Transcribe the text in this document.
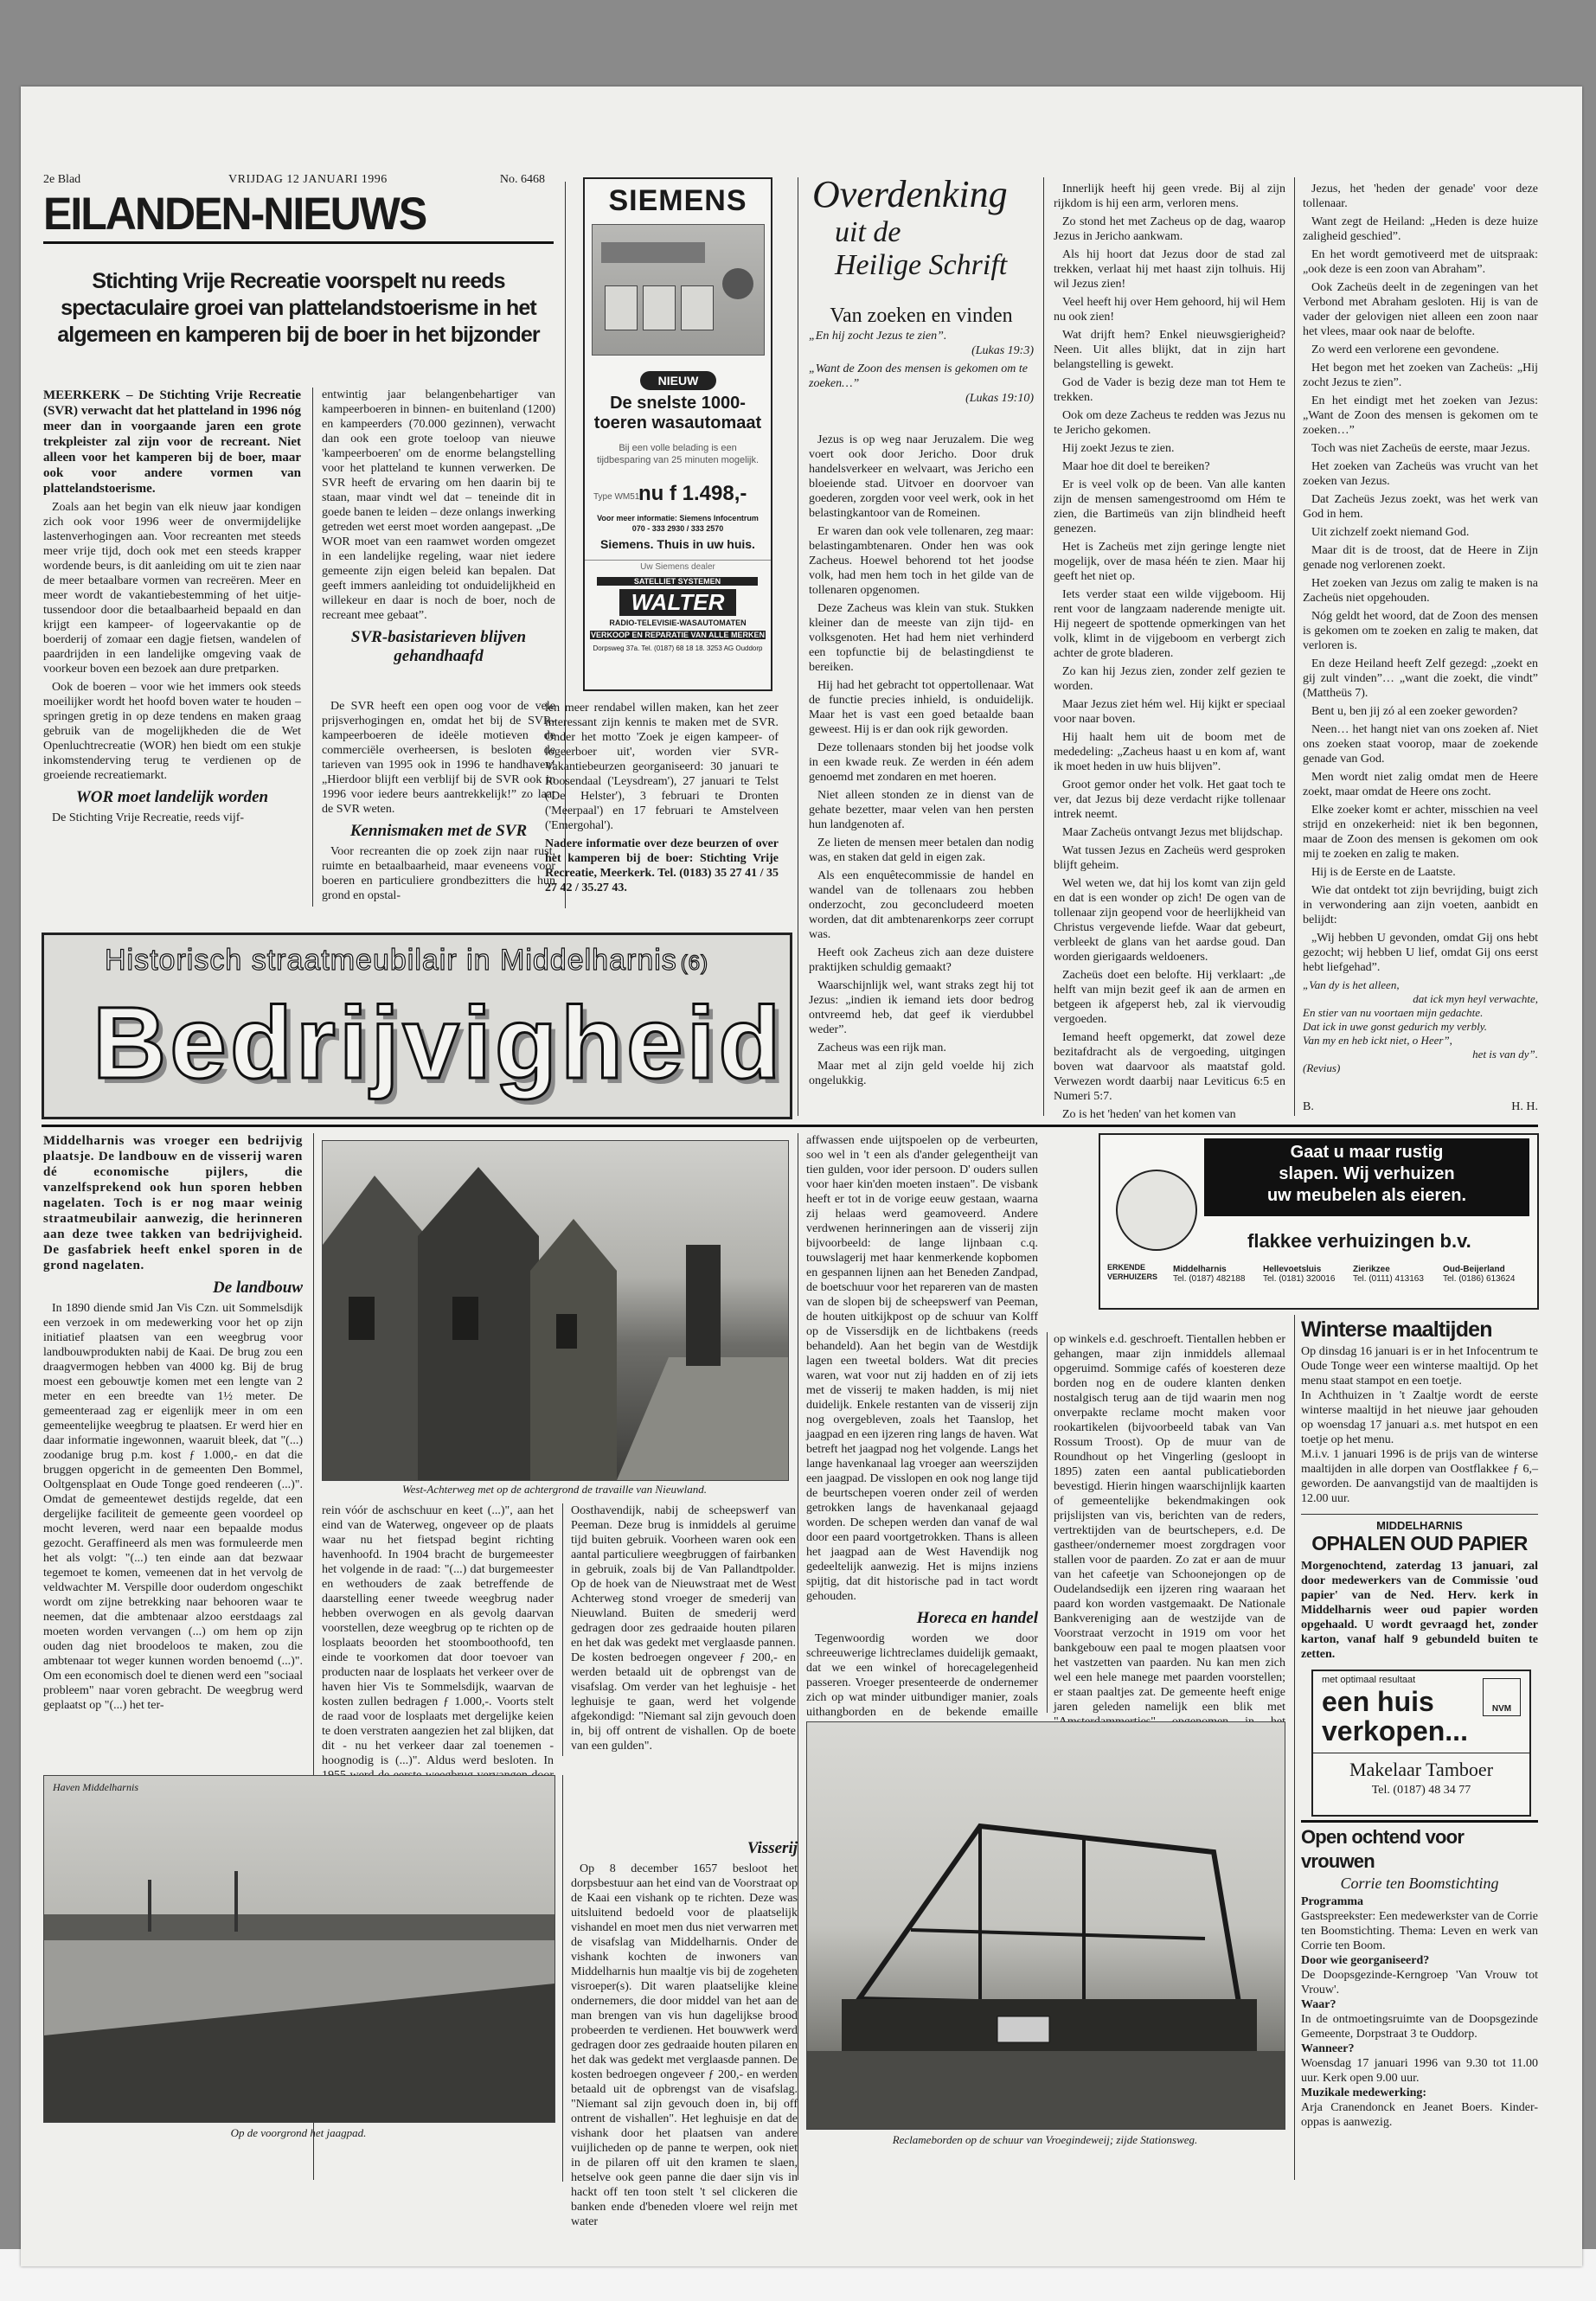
2e Blad	VRIJDAG 12 JANUARI 1996	No. 6468
EILANDEN-NIEUWS
Stichting Vrije Recreatie voorspelt nu reeds spectaculaire groei van plattelandstoerisme in het algemeen en kamperen bij de boer in het bijzonder

MEERKERK – De Stichting Vrije Recreatie (SVR) verwacht dat het platteland in 1996 nóg meer dan in voorgaande jaren een grote trekpleister zal zijn voor de recreant. Niet alleen voor het kamperen bij de boer, maar ook voor andere vormen van plattelandstoerisme.

Zoals aan het begin van elk nieuw jaar kondigen zich ook voor 1996 weer de onvermijdelijke lastenverhogingen aan. Voor recreanten met steeds meer vrije tijd, doch ook met een steeds krapper wordende beurs, is dit aanleiding om uit te zien naar de meer betaalbare vormen van recreëren. Meer en meer wordt de vakantiebestemming of het uitje-tussendoor door die betaalbaarheid bepaald en dan krijgt een kampeer- of logeervakantie op de boerderij of zomaar een dagje fietsen, wandelen of paardrijden in een landelijke omgeving vaak de voorkeur boven een bezoek aan dure pretparken.

Ook de boeren – voor wie het immers ook steeds moeilijker wordt het hoofd boven water te houden – springen gretig in op deze tendens en maken graag gebruik van de mogelijkheden die de Wet Openluchtrecreatie (WOR) hen biedt om een stukje inkomstenderving terug te verdienen op de groeiende recreatiemarkt.

WOR moet landelijk worden

De Stichting Vrije Recreatie, reeds vijf-

entwintig jaar belangenbehartiger van kampeerboeren in binnen- en buitenland (1200) en kampeerders (70.000 gezinnen), verwacht dan ook een grote toeloop van nieuwe 'kampeerboeren' om de enorme belangstelling voor het platteland te kunnen verwerken. De SVR heeft de ervaring om hen daarin bij te staan, maar vindt wel dat – teneinde dit in goede banen te leiden – deze onlangs inwerking getreden wet eerst moet worden aangepast. „De WOR moet van een raamwet worden omgezet in een landelijke regeling, waar niet iedere gemeente zijn eigen beleid kan bepalen. Dat geeft immers aanleiding tot onduidelijkheid en willekeur en daar is noch de boer, noch de recreant mee gebaat”.

SVR-basistarieven blijven gehandhaafd

De SVR heeft een open oog voor de vele prijsverhogingen en, omdat het bij de SVR-kampeerboeren de ideële motieven de commerciële overheersen, is besloten de tarieven van 1995 ook in 1996 te handhaven! „Hierdoor blijft een verblijf bij de SVR ook in 1996 voor iedere beurs aantrekkelijk!” zo laat de SVR weten.

Kennismaken met de SVR

Voor recreanten die op zoek zijn naar rust, ruimte en betaalbaarheid, maar eveneens voor boeren en particuliere grondbezitters die hun grond en opstal-

len meer rendabel willen maken, kan het zeer interessant zijn kennis te maken met de SVR. Onder het motto 'Zoek je eigen kampeer- of logeerboer uit', worden vier SVR-Vakantiebeurzen georganiseerd: 30 januari te Roosendaal ('Leysdream'), 27 januari te Telst ('De Helster'), 3 februari te Dronten ('Meerpaal') en 17 februari te Amstelveen ('Emergohal').

Nadere informatie over deze beurzen of over het kamperen bij de boer: Stichting Vrije Recreatie, Meerkerk. Tel. (0183) 35 27 41 / 35 27 42 / 35.27 43.

SIEMENS
NIEUW
De snelste 1000-toeren wasautomaat
Bij een volle belading is een tijdbesparing van 25 minuten mogelijk.
Type WM51
nu f 1.498,-
Voor meer informatie: Siemens Infocentrum 070 - 333 2930 / 333 2570
Siemens. Thuis in uw huis.
Uw Siemens dealer
SATELLIET SYSTEMEN
WALTER
RADIO-TELEVISIE-WASAUTOMATEN
VERKOOP EN REPARATIE VAN ALLE MERKEN
Dorpsweg 37a. Tel. (0187) 68 18 18. 3253 AG Ouddorp
Overdenking
uit de
Heilige Schrift
Van zoeken en vinden
„En hij zocht Jezus te zien”.
(Lukas 19:3)
„Want de Zoon des mensen is gekomen om te zoeken…”
(Lukas 19:10)

Jezus is op weg naar Jeruzalem. Die weg voert ook door Jericho. Door druk handelsverkeer en welvaart, was Jericho een bloeiende stad. Uitvoer en doorvoer van goederen, zorgden voor veel werk, ook in het belastingkantoor van de Romeinen.

Er waren dan ook vele tollenaren, zeg maar: belastingambtenaren. Onder hen was ook Zacheus. Hoewel behorend tot het joodse volk, had men hem toch in het gilde van de tollenaren opgenomen.

Deze Zacheus was klein van stuk. Stukken kleiner dan de meeste van zijn tijd- en volksgenoten. Het had hem niet verhinderd een topfunctie bij de belastingdienst te bereiken.

Hij had het gebracht tot oppertollenaar. Wat de functie precies inhield, is onduidelijk. Maar het is vast een goed betaalde baan geweest. Hij is er dan ook rijk geworden.

Deze tollenaars stonden bij het joodse volk in een kwade reuk. Ze werden in één adem genoemd met zondaren en met hoeren.

Niet alleen stonden ze in dienst van de gehate bezetter, maar velen van hen persten hun landgenoten af.

Ze lieten de mensen meer betalen dan nodig was, en staken dat geld in eigen zak.

Als een enquêtecommissie de handel en wandel van de tollenaars zou hebben onderzocht, zou geconcludeerd moeten worden, dat dit ambtenarenkorps zeer corrupt was.

Heeft ook Zacheus zich aan deze duistere praktijken schuldig gemaakt?

Waarschijnlijk wel, want straks zegt hij tot Jezus: „indien ik iemand iets door bedrog ontvreemd heb, dat geef ik vierdubbel weder”.

Zacheus was een rijk man.

Maar met al zijn geld voelde hij zich ongelukkig.

Innerlijk heeft hij geen vrede. Bij al zijn rijkdom is hij een arm, verloren mens.

Zo stond het met Zacheus op de dag, waarop Jezus in Jericho aankwam.

Als hij hoort dat Jezus door de stad zal trekken, verlaat hij met haast zijn tolhuis. Hij wil Jezus zien!

Veel heeft hij over Hem gehoord, hij wil Hem nu ook zien!

Wat drijft hem? Enkel nieuwsgierigheid? Neen. Uit alles blijkt, dat in zijn hart belangstelling is gewekt.

God de Vader is bezig deze man tot Hem te trekken.

Ook om deze Zacheus te redden was Jezus nu te Jericho gekomen.

Hij zoekt Jezus te zien.

Maar hoe dit doel te bereiken?

Er is veel volk op de been. Van alle kanten zijn de mensen samengestroomd om Hém te zien, die Bartimeüs van zijn blindheid heeft genezen.

Het is Zacheüs met zijn geringe lengte niet mogelijk, over de masa héén te zien. Maar hij geeft het niet op.

Iets verder staat een wilde vijgeboom. Hij rent voor de langzaam naderende menigte uit. Hij negeert de spottende opmerkingen van het volk, klimt in de vijgeboom en verbergt zich achter de grote bladeren.

Zo kan hij Jezus zien, zonder zelf gezien te worden.

Maar Jezus ziet hém wel. Hij kijkt er speciaal voor naar boven.

Hij haalt hem uit de boom met de mededeling: „Zacheus haast u en kom af, want ik moet heden in uw huis blijven”.

Groot gemor onder het volk. Het gaat toch te ver, dat Jezus bij deze verdacht rijke tollenaar intrek neemt.

Maar Zacheüs ontvangt Jezus met blijdschap.

Wat tussen Jezus en Zacheüs werd gesproken blijft geheim.

Wel weten we, dat hij los komt van zijn geld en dat is een wonder op zich! De ogen van de tollenaar zijn geopend voor de heerlijkheid van Christus vergevende liefde. Waar dat gebeurt, verbleekt de glans van het aardse goud. Dan worden gierigaards weldoeners.

Zacheüs doet een belofte. Hij verklaart: „de helft van mijn bezit geef ik aan de armen en betgeen ik afgeperst heb, zal ik viervoudig vergoeden.

Iemand heeft opgemerkt, dat zowel deze bezitafdracht als de vergoeding, uitgingen boven wat daarvoor als maatstaf gold. Verwezen wordt daarbij naar Leviticus 6:5 en Numeri 5:7.

Zo is het 'heden' van het komen van

Jezus, het 'heden der genade' voor deze tollenaar.

Want zegt de Heiland: „Heden is deze huize zaligheid geschied”.

En het wordt gemotiveerd met de uitspraak: „ook deze is een zoon van Abraham”.

Ook Zacheüs deelt in de zegeningen van het Verbond met Abraham gesloten. Hij is van de vader der gelovigen niet alleen een zoon naar het vlees, maar ook naar de belofte.

Zo werd een verlorene een gevondene.

Het begon met het zoeken van Zacheüs: „Hij zocht Jezus te zien”.

En het eindigt met het zoeken van Jezus: „Want de Zoon des mensen is gekomen om te zoeken…”

Toch was niet Zacheüs de eerste, maar Jezus.

Het zoeken van Zacheüs was vrucht van het zoeken van Jezus.

Dat Zacheüs Jezus zoekt, was het werk van God in hem.

Uit zichzelf zoekt niemand God.

Maar dit is de troost, dat de Heere in Zijn genade nog verlorenen zoekt.

Het zoeken van Jezus om zalig te maken is na Zacheüs niet opgehouden.

Nóg geldt het woord, dat de Zoon des mensen is gekomen om te zoeken en zalig te maken, dat verloren is.

En deze Heiland heeft Zelf gezegd: „zoekt en gij zult vinden”… „want die zoekt, die vindt” (Mattheüs 7).

Bent u, ben jij zó al een zoeker geworden?

Neen… het hangt niet van ons zoeken af. Niet ons zoeken staat voorop, maar de zoekende genade van God.

Men wordt niet zalig omdat men de Heere zoekt, maar omdat de Heere ons zocht.

Elke zoeker komt er achter, misschien na veel strijd en onzekerheid: niet ik ben begonnen, maar de Zoon des mensen is gekomen om ook mij te zoeken en zalig te maken.

Hij is de Eerste en de Laatste.

Wie dat ontdekt tot zijn bevrijding, buigt zich in verwondering aan zijn voeten, aanbidt en belijdt:

„Wij hebben U gevonden, omdat Gij ons hebt gezocht; wij hebben U lief, omdat Gij ons eerst hebt liefgehad”.

„Van dy is het alleen,
dat ick myn heyl verwachte,
En stier van nu voortaen mijn gedachte.
Dat ick in uwe gonst gedurich my verbly.
Van my en heb ickt niet, o Heer”,
het is van dy”.
(Revius)
B.	H. H.
Historisch straatmeubilair in Middelharnis (6)
Bedrijvigheid

Middelharnis was vroeger een bedrijvig plaatsje. De landbouw en de visserij waren dé economische pijlers, die vanzelfsprekend ook hun sporen hebben nagelaten. Toch is er nog maar weinig straatmeubilair aanwezig, die herinneren aan deze twee takken van bedrijvigheid. De gasfabriek heeft enkel sporen in de grond nagelaten.

De landbouw

In 1890 diende smid Jan Vis Czn. uit Sommelsdijk een verzoek in om medewerking voor het op zijn initiatief plaatsen van een weegbrug voor landbouwprodukten nabij de Kaai. De brug zou een draagvermogen hebben van 4000 kg. Bij de brug moest een gebouwtje komen met een lengte van 2 meter en een breedte van 1½ meter. De gemeenteraad zag er eigenlijk meer in om een gemeentelijke weegbrug te plaatsen. Er werd hier en daar informatie ingewonnen, waaruit bleek, dat "(...) zoodanige brug p.m. kost ƒ 1.000,- en dat die bruggen opgericht in de gemeenten Den Bommel, Ooltgensplaat en Oude Tonge goed rendeeren (...)". Omdat de gemeentewet destijds regelde, dat een dergelijke faciliteit de gemeente geen voordeel op mocht leveren, werd naar een bepaalde modus gezocht. Geraffineerd als men was formuleerde men het als volgt: "(...) ten einde aan dat bezwaar tegemoet te komen, vemeenen dat in het vervolg de veldwachter M. Verspille door ouderdom ongeschikt wordt om zijne betrekking naar behooren waar te neemen, dat die ambtenaar alzoo eerstdaags zal moeten worden vervangen (...) om hem op zijn ouden dag niet broodeloos te maken, zou die ambtenaar tot weger kunnen worden benoemd (...)". Om een economisch doel te dienen werd een "sociaal probleem" naar voren gebracht. De weegbrug werd geplaatst op "(...) het ter-

West-Achterweg met op de achtergrond de travaille van Nieuwland.

rein vóór de aschschuur en keet (...)", aan het eind van de Waterweg, ongeveer op de plaats waar nu het fietspad begint richting havenhoofd. In 1904 bracht de burgemeester het volgende in de raad: "(...) dat burgemeester en wethouders de zaak betreffende de daarstelling eener tweede weegbrug nader hebben overwogen en als gevolg daarvan voorstellen, deze weegbrug op te richten op de losplaats beoorden het stoomboothoofd, ten einde te voorkomen dat door toevoer van producten naar de losplaats het verkeer over de haven hier Vis te Sommelsdijk, waarvan de kosten zullen bedragen ƒ 1.000,-. Voorts stelt de raad voor de losplaats met dergelijke keien te doen verstraten aangezien het zal blijken, dat dit - nu het verkeer daar zal toenemen - hoognodig is (...)". Aldus werd besloten. In

Oosthavendijk, nabij de scheepswerf van Peeman. Deze brug is inmiddels al geruime tijd buiten gebruik. Voorheen waren ook een aantal particuliere weegbruggen of fairbanken in gebruik, zoals bij de Van Pallandtpolder. Op de hoek van de Nieuwstraat met de West Achterweg stond vroeger de smederij van Nieuwland. Buiten de smederij werd gedragen door zes gedraaide houten pilaren en het dak was gedekt met verglaasde pannen. De kosten bedroegen ongeveer ƒ 200,- en werden betaald uit de opbrengst van de visafslag. Om verder van het leghuisje - het leghuisje te gaan, werd het volgende afgekondigd: "Niemant sal zijn gevouch doen in, bij off ontrent de vishallen. Op de boete van een gulden".

Haven Middelharnis
Op de voorgrond het jaagpad.
Visserij

Op 8 december 1657 besloot het dorpsbestuur aan het eind van de Voorstraat op de Kaai een vishank op te richten. Deze was uitsluitend bedoeld voor de plaatselijk vishandel en moet men dus niet verwarren met de visafslag van Middelharnis. Onder de vishank kochten de inwoners van Middelharnis hun maaltje vis bij de zogeheten visroeper(s). Dit waren plaatselijke kleine ondernemers, die door middel van het aan de man brengen van vis hun dagelijkse brood probeerden te verdienen. Het bouwwerk werd gedragen door zes gedraaide houten pilaren en het dak was gedekt met verglaasde pannen. De kosten bedroegen ongeveer ƒ 200,- en werden betaald uit de opbrengst van de visafslag. "Niemant sal zijn gevouch doen in, bij off ontrent de vishallen". Het leghuisje en dat de vishank door het plaatsen van andere vuijlicheden op de panne te werpen, ook niet in de pilaren off uit den kramen te slaen, hetselve ook geen panne die daer sijn vis in hackt off ten toon stelt 't sel clickeren die banken ende d'beneden vloere wel reijn met water

affwassen ende uijtspoelen op de verbeurten, soo wel in 't een als d'ander gelegentheijt van tien gulden, voor ider persoon. D' ouders sullen voor haer kin'den moeten instaen". De visbank heeft er tot in de vorige eeuw gestaan, waarna zij helaas werd geamoveerd. Andere verdwenen herinneringen aan de visserij zijn bijvoorbeeld: de lange lijnbaan c.q. touwslagerij met haar kenmerkende kopbomen en gespannen lijnen aan het Beneden Zandpad, de boetschuur voor het repareren van de masten van de slopen bij de scheepswerf van Peeman, de houten uitkijkpost op de schuur van Kolff op de Vissersdijk en de lichtbakens (reeds behandeld). Aan het begin van de Westdijk lagen een tweetal bolders. Wat dit precies waren, wat voor nut zij hadden en of zij iets met de visserij te maken hadden, is mij niet duidelijk. Enkele restanten van de visserij zijn nog overgebleven, zoals het Taanslop, het jaagpad en een ijzeren ring langs de haven. Wat betreft het jaagpad nog het volgende. Langs het lange havenkanaal lag vroeger aan weerszijden een jaagpad. De visslopen en ook nog lange tijd de beurtschepen voeren onder zeil of werden getrokken langs de havenkanaal gejaagd worden. De schepen werden dan vanaf de wal door een paard voortgetrokken. Thans is alleen het jaagpad aan de West Havendijk nog gedeeltelijk aanwezig. Het is mijns inziens spijtig, dat dit historische pad in tact wordt gehouden.

Horeca en handel

Tegenwoordig worden we door schreeuwerige lichtreclames duidelijk gemaakt, dat we een winkel of horecagelegenheid passeren. Vroeger presenteerde de ondernemer zich op wat minder uitbundiger manier, zoals uithangborden en de bekende emaille

op winkels e.d. geschroeft. Tientallen hebben er gehangen, maar zijn inmiddels allemaal opgeruimd. Sommige cafés of koesteren deze borden nog en de oudere klanten denken nostalgisch terug aan de tijd waarin men nog onverpakte reclame mocht maken voor rookartikelen (bijvoorbeeld tabak van Van Rossum Troost). Op de muur van de Roundhout op het Vingerling (gesloopt in 1895) zaten een aantal publicatieborden bevestigd. Hierin hingen waarschijnlijk kaarten of gemeentelijke bekendmakingen ook prijslijsten van vis, berichten van de reders, vertrektijden van de beurtschepers, e.d. De gastheer/ondernemer moest zorgdragen voor stallen voor de paarden. Zo zat er aan de muur van het cafeetje van Schoonejongen op de Oudelandsedijk een ijzeren ring waaraan het paard kon worden vastgemaakt. De Nationale Bankvereniging aan de westzijde van de Voorstraat verzocht in 1919 om voor het bankgebouw een paal te mogen plaatsen voor het vastzetten van paarden. Nu kan men zich wel een hele manege met paarden voorstellen; er staan paaltjes zat. De gemeente heeft enige jaren geleden namelijk een blik met

Reclameborden op de schuur van Vroegindeweij; zijde Stationsweg.
Gaat u maar rustig
slapen. Wij verhuizen
uw meubelen als eieren.
flakkee verhuizingen b.v.
ERKENDE VERHUIZERS
Middelharnis
Tel. (0187) 482188
Hellevoetsluis
Tel. (0181) 320016
Zierikzee
Tel. (0111) 413163
Oud-Beijerland
Tel. (0186) 613624
Winterse maaltijden
Op dinsdag 16 januari is er in het Infocentrum te Oude Tonge weer een winterse maaltijd. Op het menu staat stampot en een toetje.
In Achthuizen in 't Zaaltje wordt de eerste winterse maaltijd in het nieuwe jaar gehouden op woensdag 17 januari a.s. met hutspot en een toetje op het menu.
M.i.v. 1 januari 1996 is de prijs van de winterse maaltijden in alle dorpen van Oostflakkee ƒ 6,– geworden. De aanvangstijd van de maaltijden is 12.00 uur.
MIDDELHARNIS
OPHALEN OUD PAPIER
Morgenochtend, zaterdag 13 januari, zal door medewerkers van de Commissie 'oud papier' van de Ned. Herv. kerk in Middelharnis weer oud papier worden opgehaald. U wordt gevraagd het, zonder karton, vanaf half 9 gebundeld buiten te zetten.
met optimaal resultaat
een huis
verkopen...
NVM
Makelaar Tamboer
Tel. (0187) 48 34 77
Open ochtend voor vrouwen
Corrie ten Boomstichting
Programma
Gastspreekster: Een medewerkster van de Corrie ten Boomstichting. Thema: Leven en werk van Corrie ten Boom.
Door wie georganiseerd?
De Doopsgezinde-Kerngroep 'Van Vrouw tot Vrouw'.
Waar?
In de ontmoetingsruimte van de Doopsgezinde Gemeente, Dorpstraat 3 te Ouddorp.
Wanneer?
Woensdag 17 januari 1996 van 9.30 tot 11.00 uur. Kerk open 9.00 uur.
Muzikale medewerking:
Arja Cranendonck en Jeanet Boers. Kinder-oppas is aanwezig.
